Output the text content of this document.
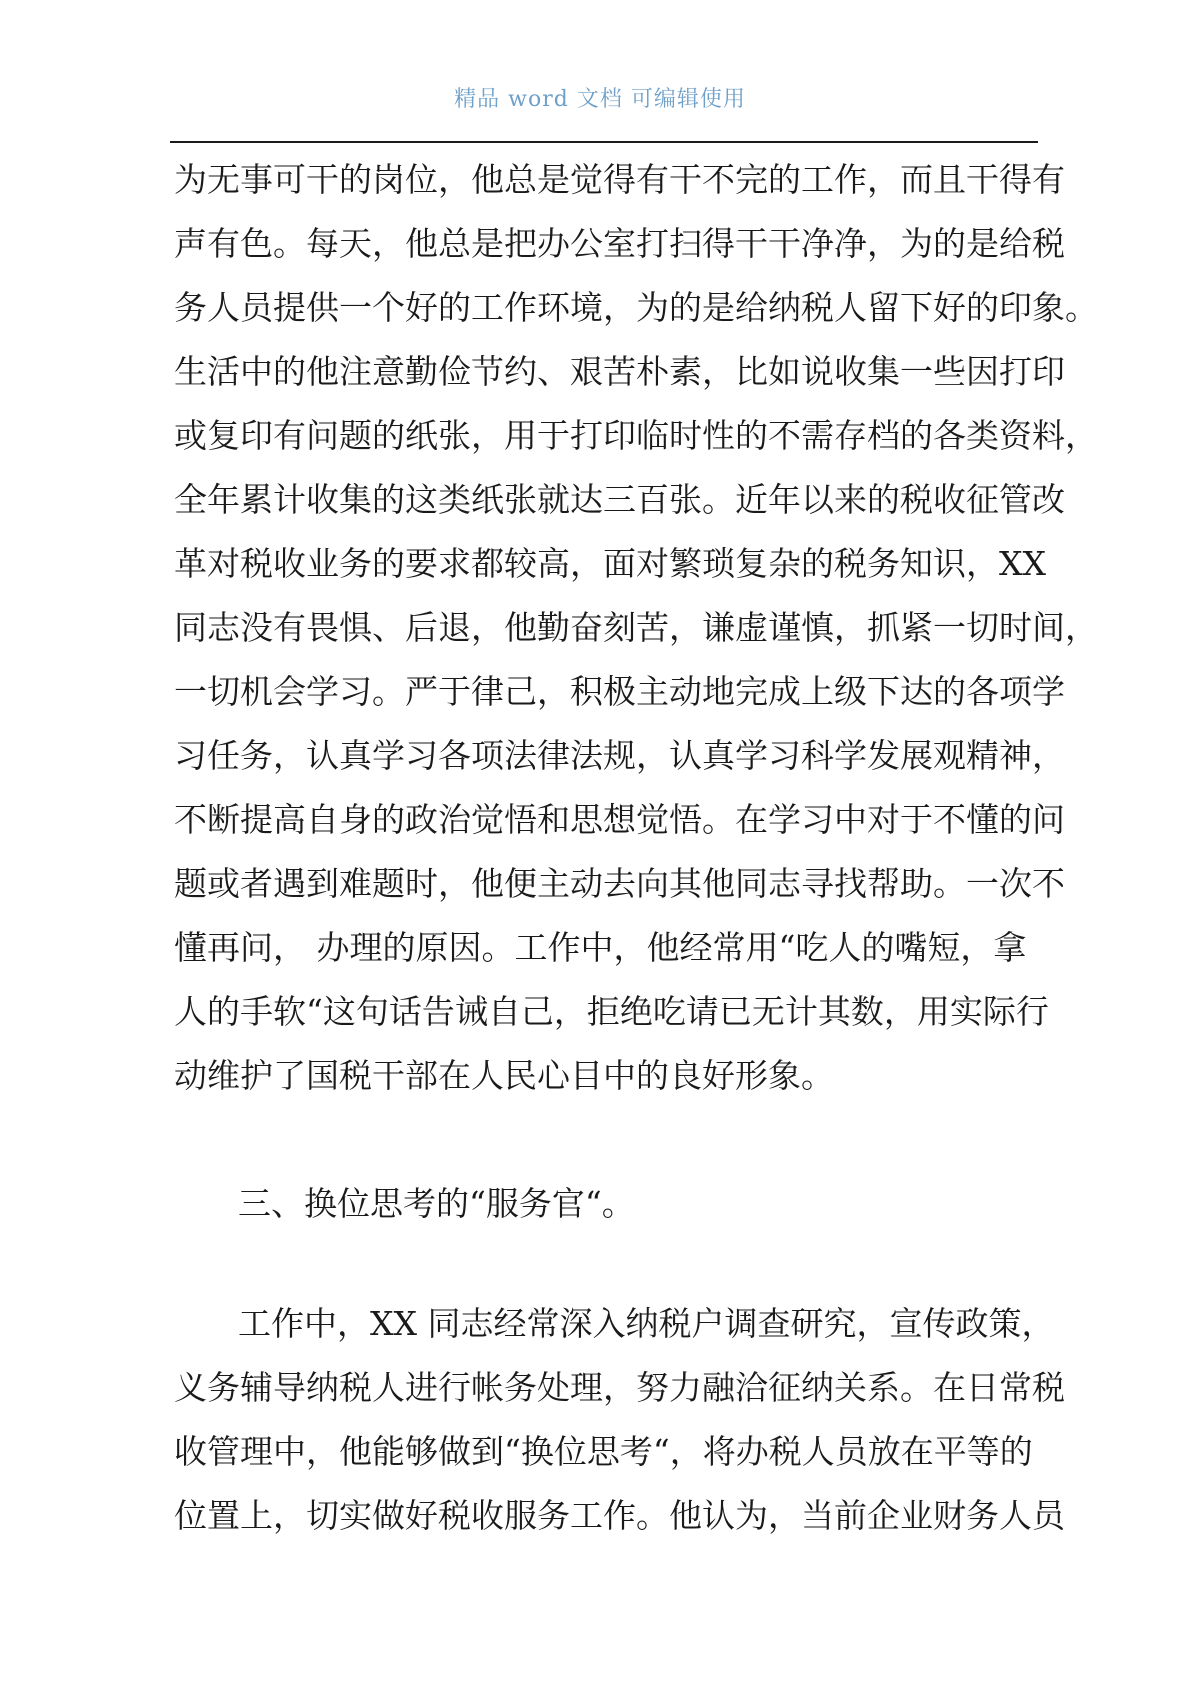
精品 word 文档 可编辑使用
为无事可干的岗位，他总是觉得有干不完的工作，而且干得有
声有色。每天，他总是把办公室打扫得干干净净，为的是给税
务人员提供一个好的工作环境，为的是给纳税人留下好的印象。
生活中的他注意勤俭节约、艰苦朴素，比如说收集一些因打印
或复印有问题的纸张，用于打印临时性的不需存档的各类资料，
全年累计收集的这类纸张就达三百张。近年以来的税收征管改
革对税收业务的要求都较高，面对繁琐复杂的税务知识，XX
同志没有畏惧、后退，他勤奋刻苦，谦虚谨慎，抓紧一切时间，
一切机会学习。严于律己，积极主动地完成上级下达的各项学
习任务，认真学习各项法律法规，认真学习科学发展观精神，
不断提高自身的政治觉悟和思想觉悟。在学习中对于不懂的问
题或者遇到难题时，他便主动去向其他同志寻找帮助。一次不
懂再问， 办理的原因。工作中，他经常用“吃人的嘴短，拿
人的手软“这句话告诫自己，拒绝吃请已无计其数，用实际行
动维护了国税干部在人民心目中的良好形象。
三、换位思考的“服务官“。
工作中，XX 同志经常深入纳税户调查研究，宣传政策，
义务辅导纳税人进行帐务处理，努力融洽征纳关系。在日常税
收管理中，他能够做到“换位思考“，将办税人员放在平等的
位置上，切实做好税收服务工作。他认为，当前企业财务人员
